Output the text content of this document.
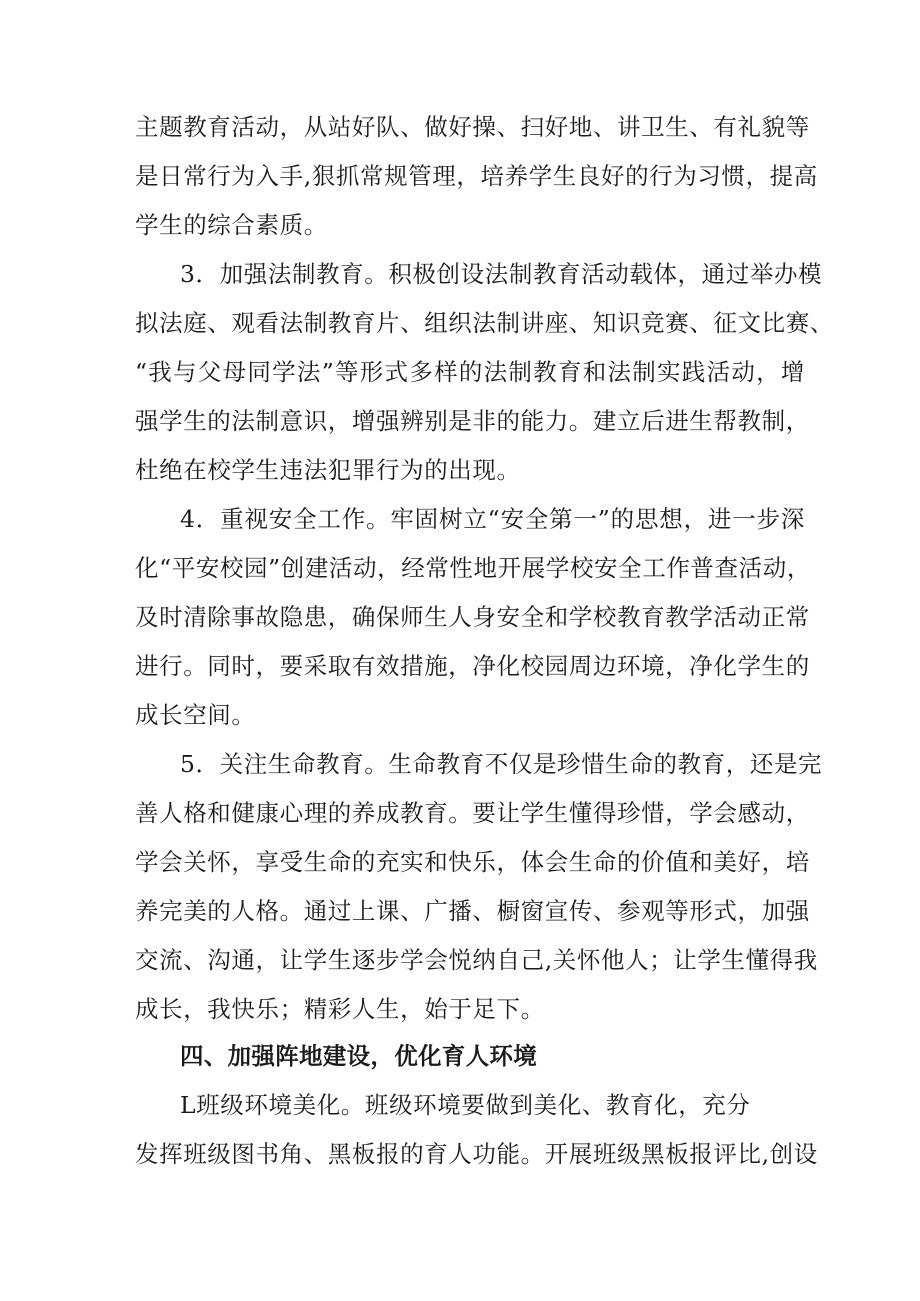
主题教育活动，从站好队、做好操、扫好地、讲卫生、有礼貌等
是日常行为入手,狠抓常规管理，培养学生良好的行为习惯，提高
学生的综合素质。
3．加强法制教育。积极创设法制教育活动载体，通过举办模
拟法庭、观看法制教育片、组织法制讲座、知识竞赛、征文比赛、
“我与父母同学法”等形式多样的法制教育和法制实践活动，增
强学生的法制意识，增强辨别是非的能力。建立后进生帮教制，
杜绝在校学生违法犯罪行为的出现。
4．重视安全工作。牢固树立“安全第一”的思想，进一步深
化“平安校园”创建活动，经常性地开展学校安全工作普查活动，
及时清除事故隐患，确保师生人身安全和学校教育教学活动正常
进行。同时，要采取有效措施，净化校园周边环境，净化学生的
成长空间。
5．关注生命教育。生命教育不仅是珍惜生命的教育，还是完
善人格和健康心理的养成教育。要让学生懂得珍惜，学会感动，
学会关怀，享受生命的充实和快乐，体会生命的价值和美好，培
养完美的人格。通过上课、广播、橱窗宣传、参观等形式，加强
交流、沟通，让学生逐步学会悦纳自己,关怀他人；让学生懂得我
成长，我快乐；精彩人生，始于足下。
四、加强阵地建设，优化育人环境
L班级环境美化。班级环境要做到美化、教育化，充分
发挥班级图书角、黑板报的育人功能。开展班级黑板报评比,创设
